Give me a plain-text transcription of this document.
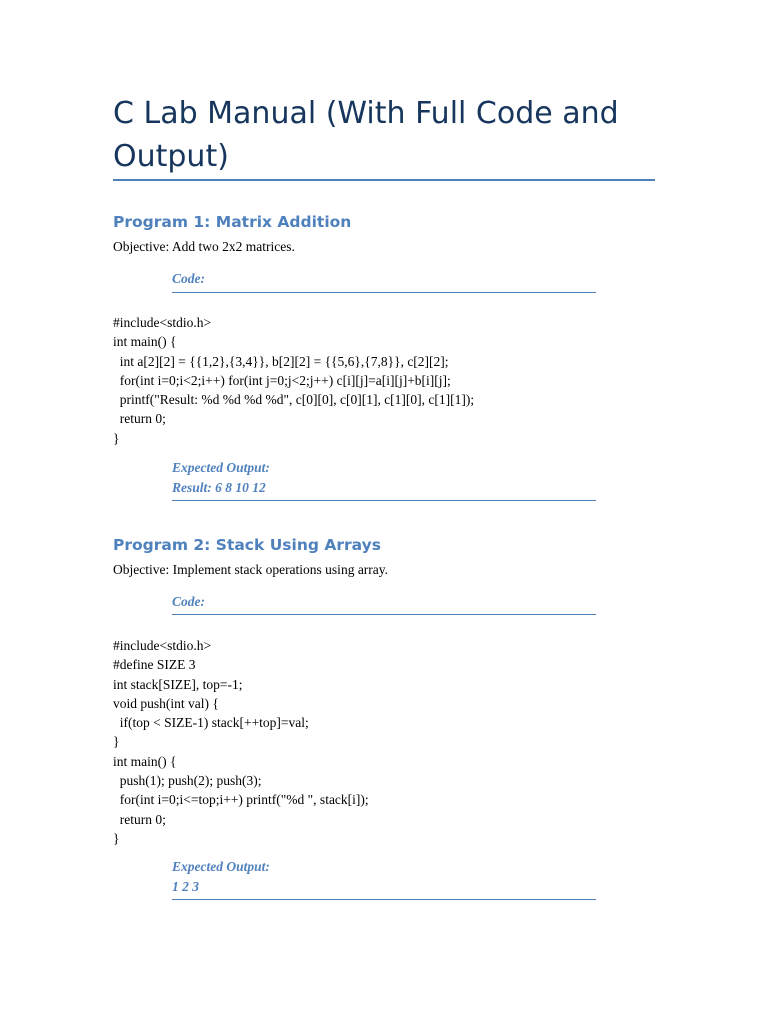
C Lab Manual (With Full Code and Output)
Program 1: Matrix Addition
Objective: Add two 2x2 matrices.
Code:
#include<stdio.h>
int main() {
int a[2][2] = {{1,2},{3,4}}, b[2][2] = {{5,6},{7,8}}, c[2][2];
for(int i=0;i<2;i++) for(int j=0;j<2;j++) c[i][j]=a[i][j]+b[i][j];
printf("Result: %d %d %d %d", c[0][0], c[0][1], c[1][0], c[1][1]);
return 0;
}
Expected Output:
Result: 6 8 10 12
Program 2: Stack Using Arrays
Objective: Implement stack operations using array.
Code:
#include<stdio.h>
#define SIZE 3
int stack[SIZE], top=-1;
void push(int val) {
if(top < SIZE-1) stack[++top]=val;
}
int main() {
push(1); push(2); push(3);
for(int i=0;i<=top;i++) printf("%d ", stack[i]);
return 0;
}
Expected Output:
1 2 3
